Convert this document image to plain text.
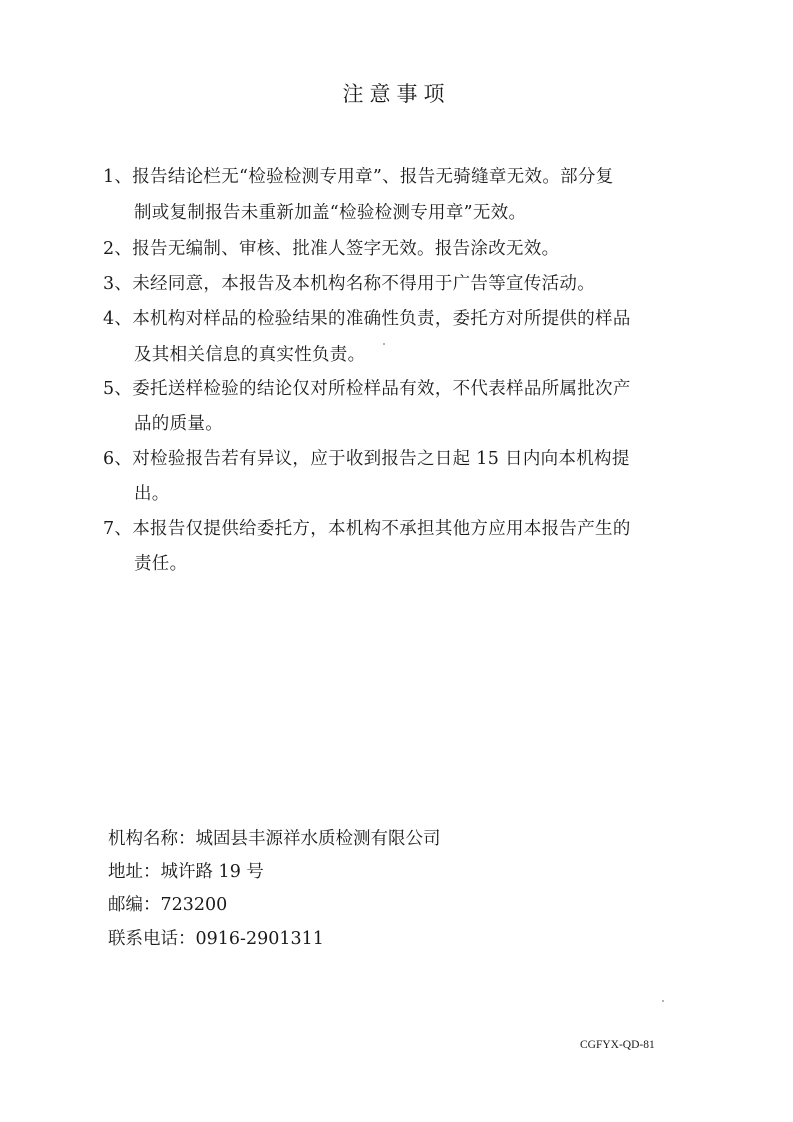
注意事项
1、报告结论栏无“检验检测专用章”、报告无骑缝章无效。部分复
制或复制报告未重新加盖“检验检测专用章”无效。
2、报告无编制、审核、批准人签字无效。报告涂改无效。
3、未经同意，本报告及本机构名称不得用于广告等宣传活动。
4、本机构对样品的检验结果的准确性负责，委托方对所提供的样品
及其相关信息的真实性负责。
5、委托送样检验的结论仅对所检样品有效，不代表样品所属批次产
品的质量。
6、对检验报告若有异议，应于收到报告之日起 15 日内向本机构提
出。
7、本报告仅提供给委托方，本机构不承担其他方应用本报告产生的
责任。
机构名称：城固县丰源祥水质检测有限公司
地址：城许路 19 号
邮编：723200
联系电话：0916-2901311
CGFYX-QD-81
